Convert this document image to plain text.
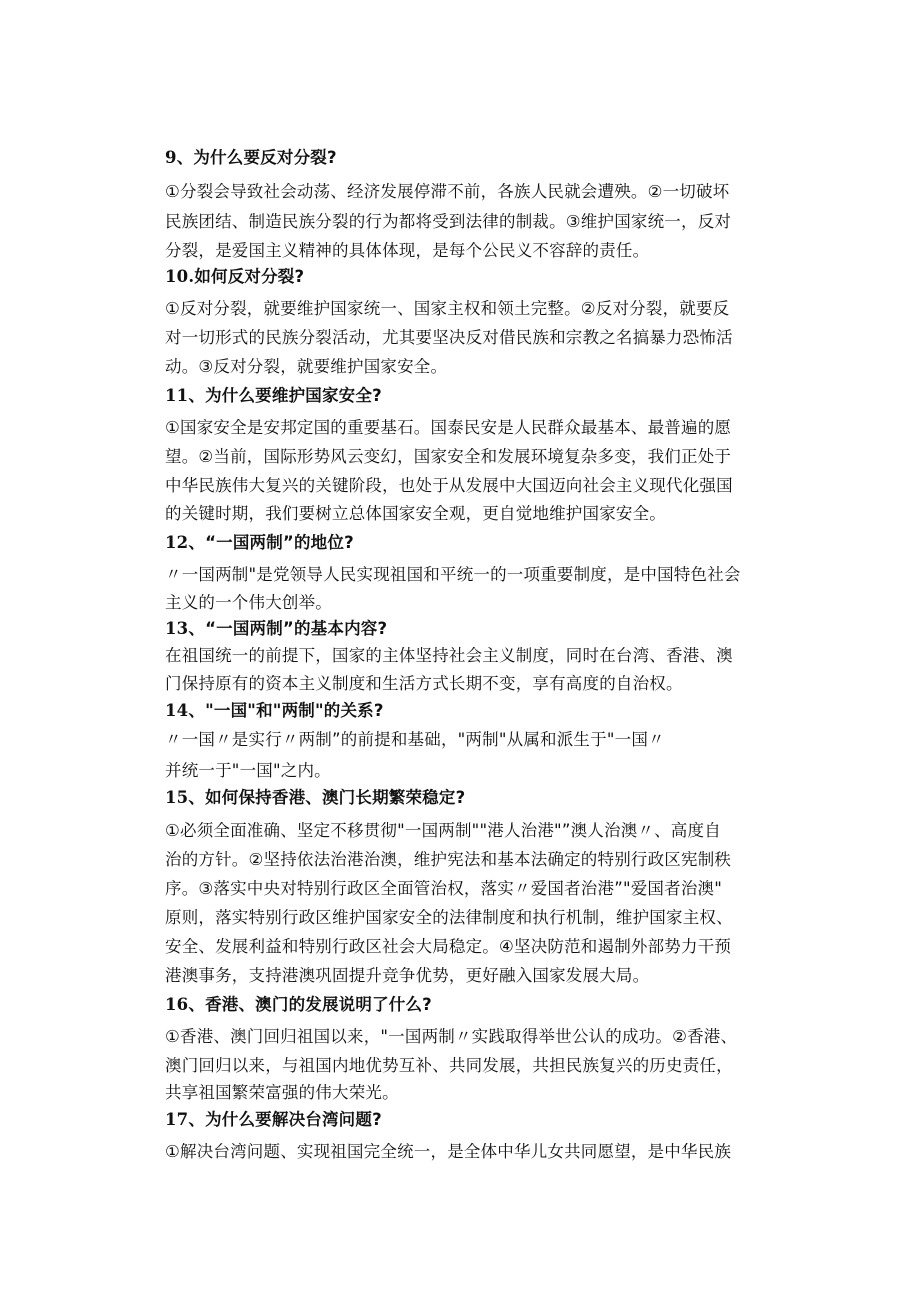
9、为什么要反对分裂?
①分裂会导致社会动荡、经济发展停滞不前，各族人民就会遭殃。②一切破坏
民族团结、制造民族分裂的行为都将受到法律的制裁。③维护国家统一，反对
分裂，是爱国主义精神的具体体现，是每个公民义不容辞的责任。
10.如何反对分裂?
①反对分裂，就要维护国家统一、国家主权和领土完整。②反对分裂，就要反
对一切形式的民族分裂活动，尤其要坚决反对借民族和宗教之名搞暴力恐怖活
动。③反对分裂，就要维护国家安全。
11、为什么要维护国家安全?
①国家安全是安邦定国的重要基石。国泰民安是人民群众最基本、最普遍的愿
望。②当前，国际形势风云变幻，国家安全和发展环境复杂多变，我们正处于
中华民族伟大复兴的关键阶段，也处于从发展中大国迈向社会主义现代化强国
的关键时期，我们要树立总体国家安全观，更自觉地维护国家安全。
12、“一国两制”的地位?
〃一国两制"是党领导人民实现祖国和平统一的一项重要制度，是中国特色社会
主义的一个伟大创举。
13、“一国两制”的基本内容?
在祖国统一的前提下，国家的主体坚持社会主义制度，同时在台湾、香港、澳
门保持原有的资本主义制度和生活方式长期不变，享有高度的自治权。
14、"一国"和"两制"的关系?
〃一国〃是实行〃两制”的前提和基础，"两制"从属和派生于"一国〃
并统一于"一国"之内。
15、如何保持香港、澳门长期繁荣稳定?
①必须全面准确、坚定不移贯彻"一国两制""港人治港"”澳人治澳〃、高度自
治的方针。②坚持依法治港治澳，维护宪法和基本法确定的特别行政区宪制秩
序。③落实中央对特别行政区全面管治权，落实〃爱国者治港”"爱国者治澳"
原则，落实特别行政区维护国家安全的法律制度和执行机制，维护国家主权、
安全、发展利益和特别行政区社会大局稳定。④坚决防范和遏制外部势力干预
港澳事务，支持港澳巩固提升竞争优势，更好融入国家发展大局。
16、香港、澳门的发展说明了什么?
①香港、澳门回归祖国以来，"一国两制〃实践取得举世公认的成功。②香港、
澳门回归以来，与祖国内地优势互补、共同发展，共担民族复兴的历史责任，
共享祖国繁荣富强的伟大荣光。
17、为什么要解决台湾问题?
①解决台湾问题、实现祖国完全统一，是全体中华儿女共同愿望，是中华民族
